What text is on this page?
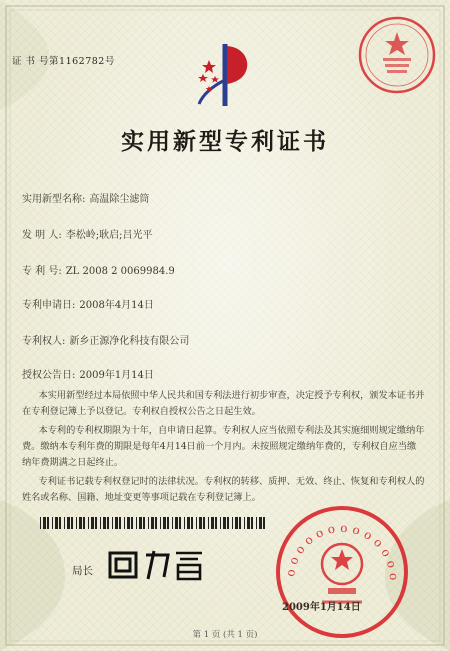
证 书 号第1162782号
实用新型专利证书
实用新型名称: 高温除尘滤筒
发 明 人: 李松岭;耿启;吕光平
专 利 号: ZL 2008 2 0069984.9
专利申请日: 2008年4月14日
专利权人: 新乡正源净化科技有限公司
授权公告日: 2009年1月14日

本实用新型经过本局依照中华人民共和国专利法进行初步审查，决定授予专利权，颁发本证书并在专利登记簿上予以登记。专利权自授权公告之日起生效。

本专利的专利权期限为十年，自申请日起算。专利权人应当依照专利法及其实施细则规定缴纳年费。缴纳本专利年费的期限是每年4月14日前一个月内。未按照规定缴纳年费的，专利权自应当缴纳年费期满之日起终止。

专利证书记载专利权登记时的法律状况。专利权的转移、质押、无效、终止、恢复和专利权人的姓名或名称、国籍、地址变更等事项记载在专利登记簿上。

局长	ooooooooooooo
2009年1月14日
第 1 页 (共 1 页)
